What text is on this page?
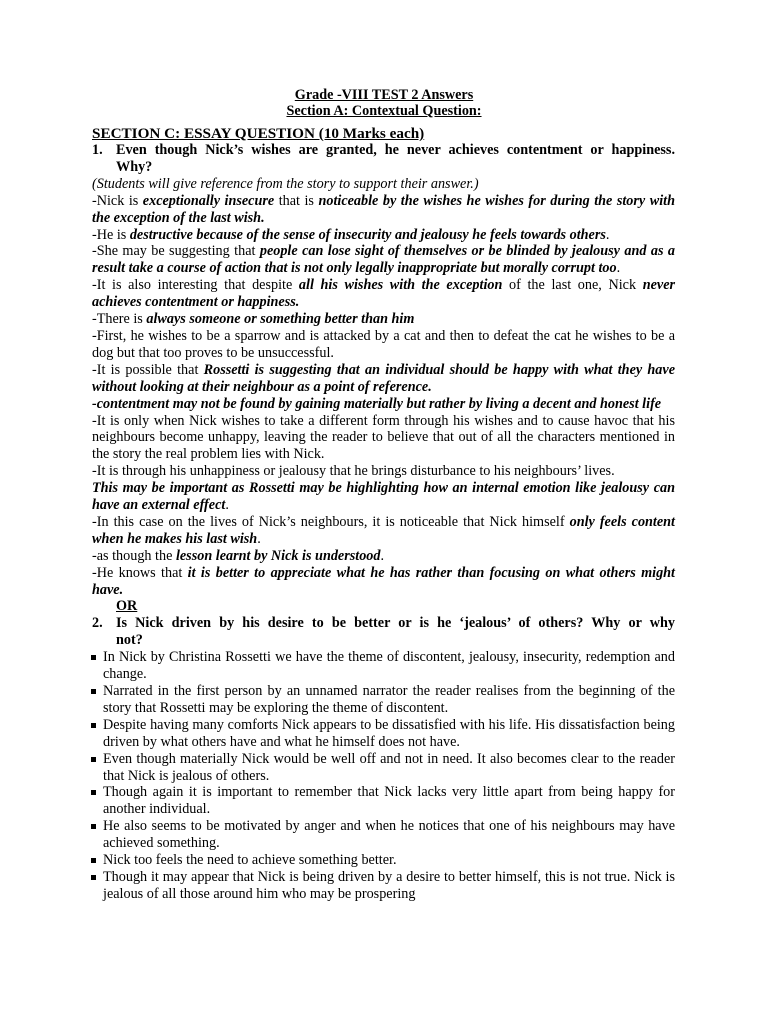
Grade -VIII TEST 2 Answers
Section A: Contextual Question:
SECTION C: ESSAY QUESTION (10 Marks each)
1. Even though Nick’s wishes are granted, he never achieves contentment or happiness.
Why?
(Students will give reference from the story to support their answer.)
-Nick is exceptionally insecure that is noticeable by the wishes he wishes for during the story with the exception of the last wish.
-He is destructive because of the sense of insecurity and jealousy he feels towards others.
-She may be suggesting that people can lose sight of themselves or be blinded by jealousy and as a result take a course of action that is not only legally inappropriate but morally corrupt too.
-It is also interesting that despite all his wishes with the exception of the last one, Nick never achieves contentment or happiness.
-There is always someone or something better than him
-First, he wishes to be a sparrow and is attacked by a cat and then to defeat the cat he wishes to be a dog but that too proves to be unsuccessful.
-It is possible that Rossetti is suggesting that an individual should be happy with what they have without looking at their neighbour as a point of reference.
-contentment may not be found by gaining materially but rather by living a decent and honest life
-It is only when Nick wishes to take a different form through his wishes and to cause havoc that his neighbours become unhappy, leaving the reader to believe that out of all the characters mentioned in the story the real problem lies with Nick.
-It is through his unhappiness or jealousy that he brings disturbance to his neighbours’ lives.
This may be important as Rossetti may be highlighting how an internal emotion like jealousy can have an external effect.
-In this case on the lives of Nick’s neighbours, it is noticeable that Nick himself only feels content when he makes his last wish.
-as though the lesson learnt by Nick is understood.
-He knows that it is better to appreciate what he has rather than focusing on what others might have.
OR
2. Is Nick driven by his desire to be better or is he ‘jealous’ of others? Why or why
not?
In Nick by Christina Rossetti we have the theme of discontent, jealousy, insecurity, redemption and change.
Narrated in the first person by an unnamed narrator the reader realises from the beginning of the story that Rossetti may be exploring the theme of discontent.
Despite having many comforts Nick appears to be dissatisfied with his life. His dissatisfaction being driven by what others have and what he himself does not have.
Even though materially Nick would be well off and not in need. It also becomes clear to the reader that Nick is jealous of others.
Though again it is important to remember that Nick lacks very little apart from being happy for another individual.
He also seems to be motivated by anger and when he notices that one of his neighbours may have achieved something.
Nick too feels the need to achieve something better.
Though it may appear that Nick is being driven by a desire to better himself, this is not true. Nick is jealous of all those around him who may be prospering
